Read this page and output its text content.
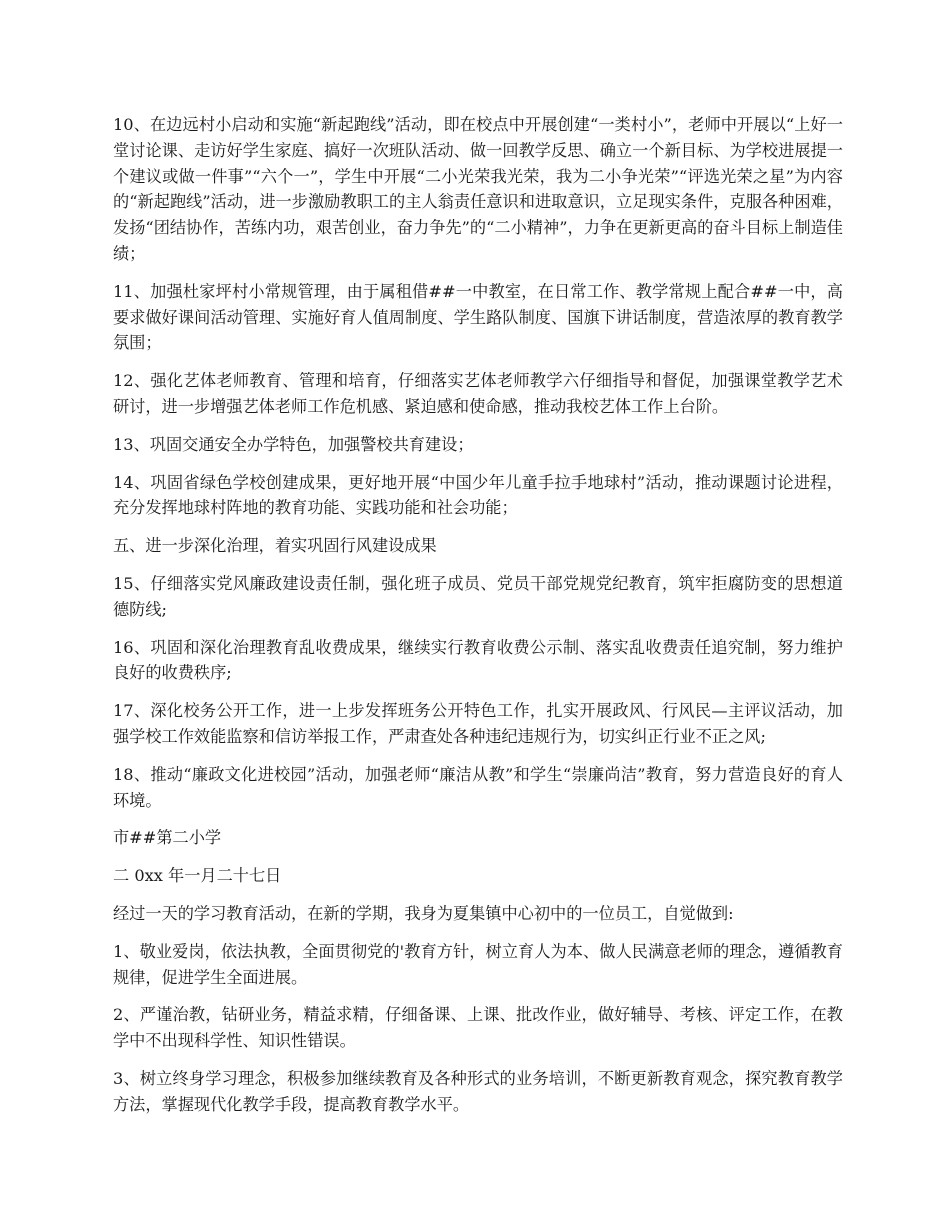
10、在边远村小启动和实施“新起跑线”活动，即在校点中开展创建“一类村小”，老师中开展以“上好一堂讨论课、走访好学生家庭、搞好一次班队活动、做一回教学反思、确立一个新目标、为学校进展提一个建议或做一件事”“六个一”，学生中开展“二小光荣我光荣，我为二小争光荣”“评选光荣之星”为内容的“新起跑线”活动，进一步激励教职工的主人翁责任意识和进取意识，立足现实条件，克服各种困难，发扬“团结协作，苦练内功，艰苦创业，奋力争先”的“二小精神”，力争在更新更高的奋斗目标上制造佳绩；

11、加强杜家坪村小常规管理，由于属租借##一中教室，在日常工作、教学常规上配合##一中，高要求做好课间活动管理、实施好育人值周制度、学生路队制度、国旗下讲话制度，营造浓厚的教育教学氛围；

12、强化艺体老师教育、管理和培育，仔细落实艺体老师教学六仔细指导和督促，加强课堂教学艺术研讨，进一步增强艺体老师工作危机感、紧迫感和使命感，推动我校艺体工作上台阶。

13、巩固交通安全办学特色，加强警校共育建设；

14、巩固省绿色学校创建成果，更好地开展“中国少年儿童手拉手地球村”活动，推动课题讨论进程，充分发挥地球村阵地的教育功能、实践功能和社会功能；

五、进一步深化治理，着实巩固行风建设成果

15、仔细落实党风廉政建设责任制，强化班子成员、党员干部党规党纪教育，筑牢拒腐防变的思想道德防线;

16、巩固和深化治理教育乱收费成果，继续实行教育收费公示制、落实乱收费责任追究制，努力维护良好的收费秩序;

17、深化校务公开工作，进一上步发挥班务公开特色工作，扎实开展政风、行风民—主评议活动，加强学校工作效能监察和信访举报工作，严肃查处各种违纪违规行为，切实纠正行业不正之风;

18、推动“廉政文化进校园”活动，加强老师“廉洁从教”和学生“崇廉尚洁”教育，努力营造良好的育人环境。

市##第二小学

二 0xx 年一月二十七日

经过一天的学习教育活动，在新的学期，我身为夏集镇中心初中的一位员工，自觉做到:

1、敬业爱岗，依法执教，全面贯彻党的'教育方针，树立育人为本、做人民满意老师的理念，遵循教育规律，促进学生全面进展。

2、严谨治教，钻研业务，精益求精，仔细备课、上课、批改作业，做好辅导、考核、评定工作，在教学中不出现科学性、知识性错误。

3、树立终身学习理念，积极参加继续教育及各种形式的业务培训，不断更新教育观念，探究教育教学方法，掌握现代化教学手段，提高教育教学水平。
